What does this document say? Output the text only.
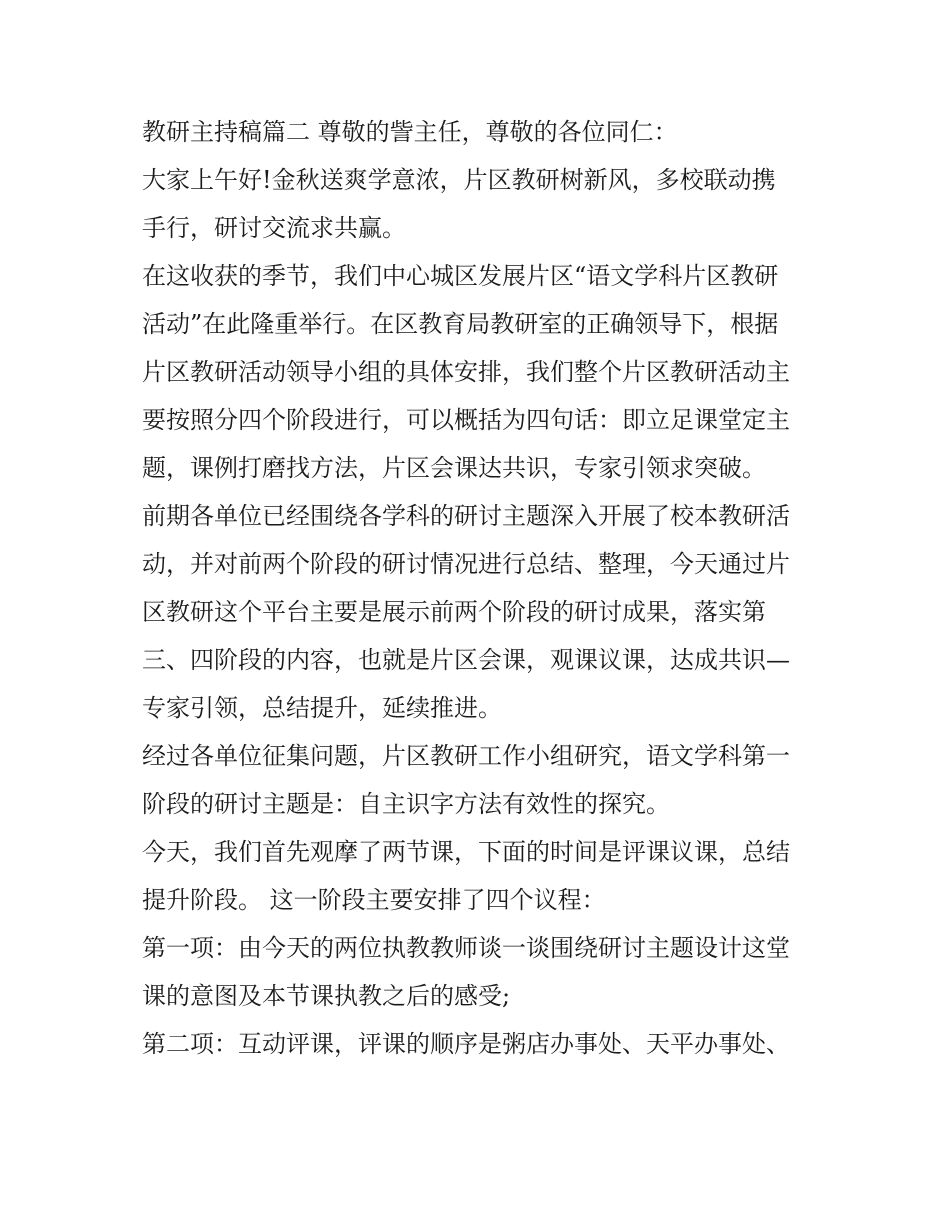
教研主持稿篇二 尊敬的訾主任，尊敬的各位同仁：

大家上午好!金秋送爽学意浓，片区教研树新风，多校联动携

手行，研讨交流求共赢。

在这收获的季节，我们中心城区发展片区“语文学科片区教研

活动”在此隆重举行。在区教育局教研室的正确领导下，根据

片区教研活动领导小组的具体安排，我们整个片区教研活动主

要按照分四个阶段进行，可以概括为四句话：即立足课堂定主

题，课例打磨找方法，片区会课达共识，专家引领求突破。

前期各单位已经围绕各学科的研讨主题深入开展了校本教研活

动，并对前两个阶段的研讨情况进行总结、整理，今天通过片

区教研这个平台主要是展示前两个阶段的研讨成果，落实第

三、四阶段的内容，也就是片区会课，观课议课，达成共识—

专家引领，总结提升，延续推进。

经过各单位征集问题，片区教研工作小组研究，语文学科第一

阶段的研讨主题是：自主识字方法有效性的探究。

今天，我们首先观摩了两节课，下面的时间是评课议课，总结

提升阶段。 这一阶段主要安排了四个议程：

第一项：由今天的两位执教教师谈一谈围绕研讨主题设计这堂

课的意图及本节课执教之后的感受;

第二项：互动评课，评课的顺序是粥店办事处、天平办事处、
